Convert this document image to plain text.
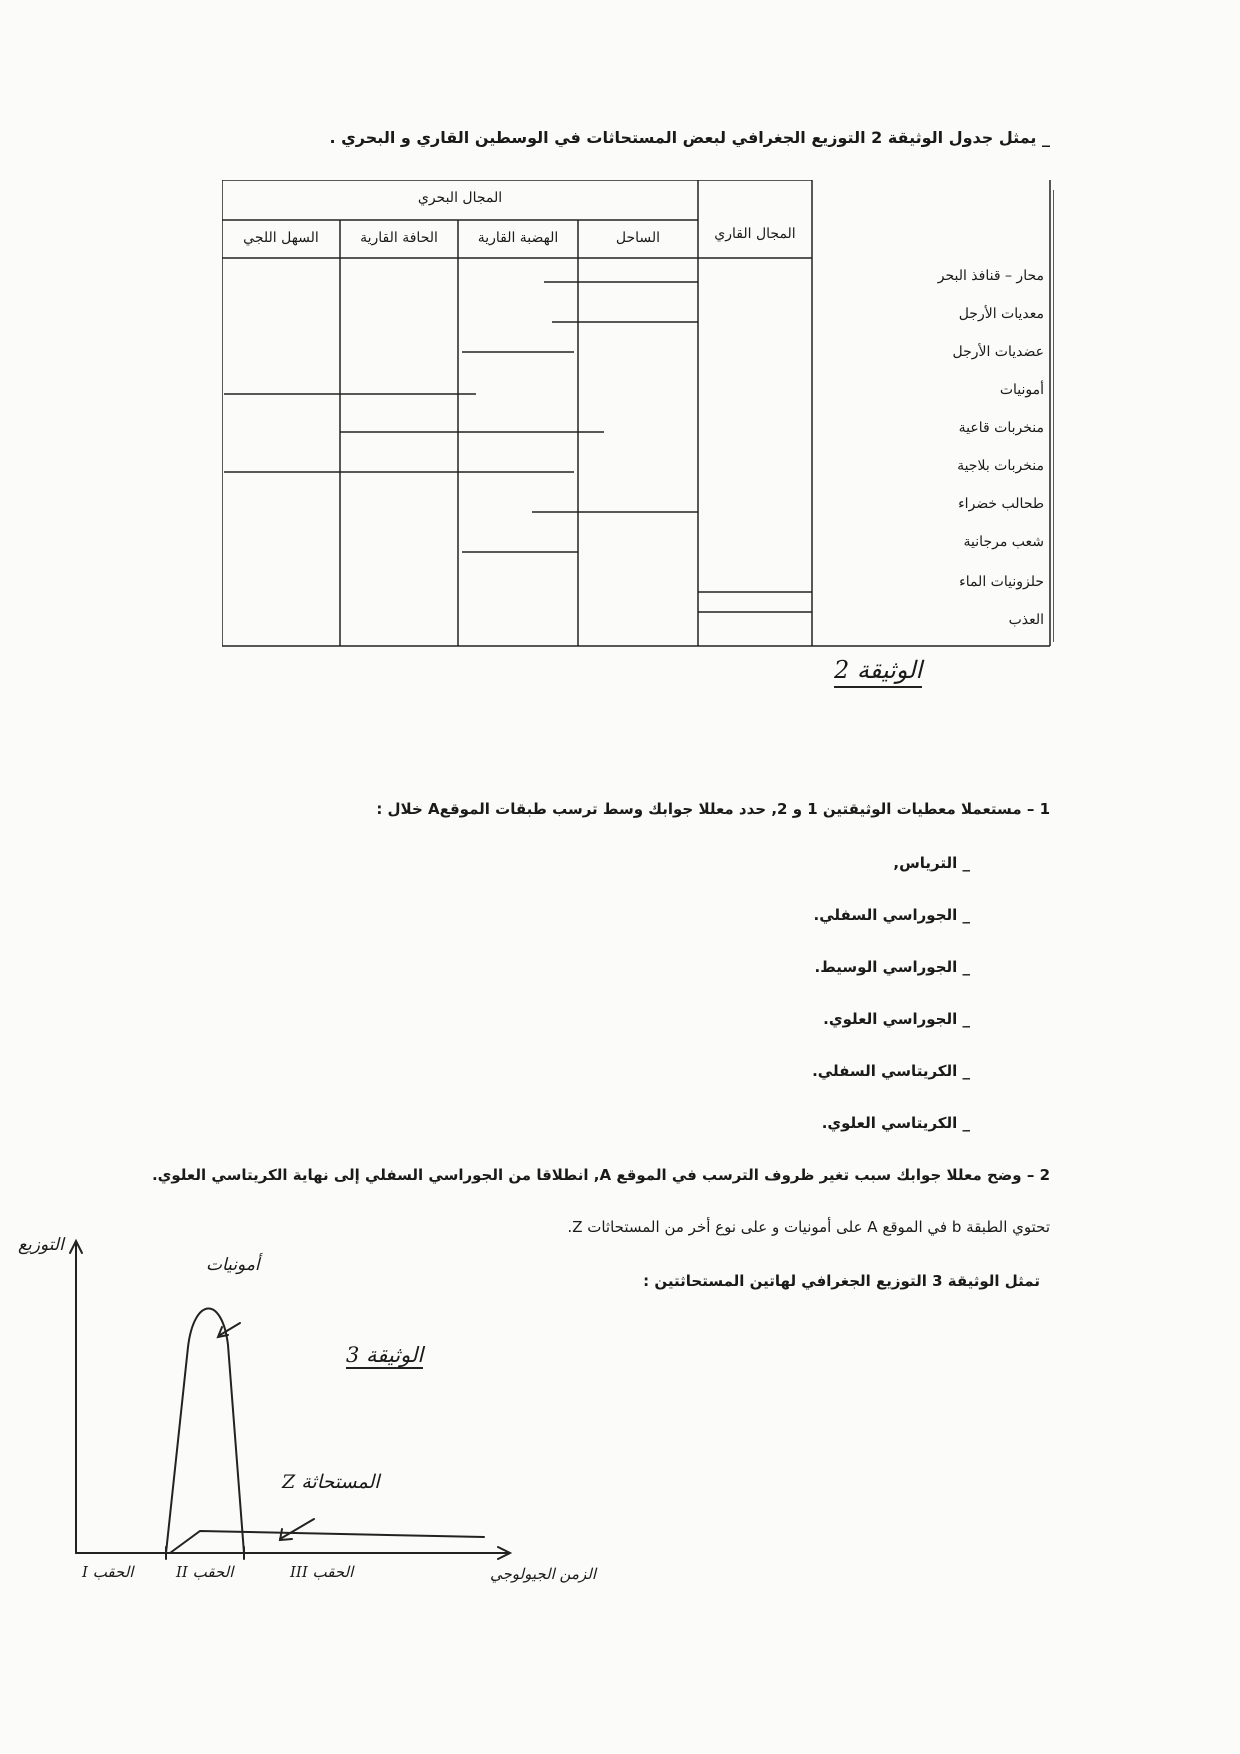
_ يمثل جدول الوثيقة 2 التوزيع الجغرافي لبعض المستحاثات في الوسطين القاري و البحري .
المجال البحري
المجال القاري
الساحل
الهضبة القارية
الحافة القارية
السهل اللجي
محار – قنافذ البحر
معديات الأرجل
عضديات الأرجل
أمونيات
منخربات قاعية
منخربات بلاجية
طحالب خضراء
شعب مرجانية
حلزونيات الماء
العذب
الوثيقة 2
1 – مستعملا معطيات الوثيقتين 1 و 2, حدد معللا جوابك وسط ترسب طبقات الموقعA خلال :
_ الترياس,
_ الجوراسي السفلي.
_ الجوراسي الوسيط.
_ الجوراسي العلوي.
_ الكريتاسي السفلي.
_ الكريتاسي العلوي.
2 – وضح معللا جوابك سبب تغير ظروف الترسب في الموقع A, انطلاقا من الجوراسي السفلي إلى نهاية الكريتاسي العلوي.
تحتوي الطبقة b في الموقع A على أمونيات و على نوع أخر من المستحاثات Z.
تمثل الوثيقة 3 التوزيع الجغرافي لهاتين المستحاثتين :
التوزيع
أمونيات
المستحاثة Z
الوثيقة 3
الحقب I	الحقب II	الحقب III	الزمن الجيولوجي
